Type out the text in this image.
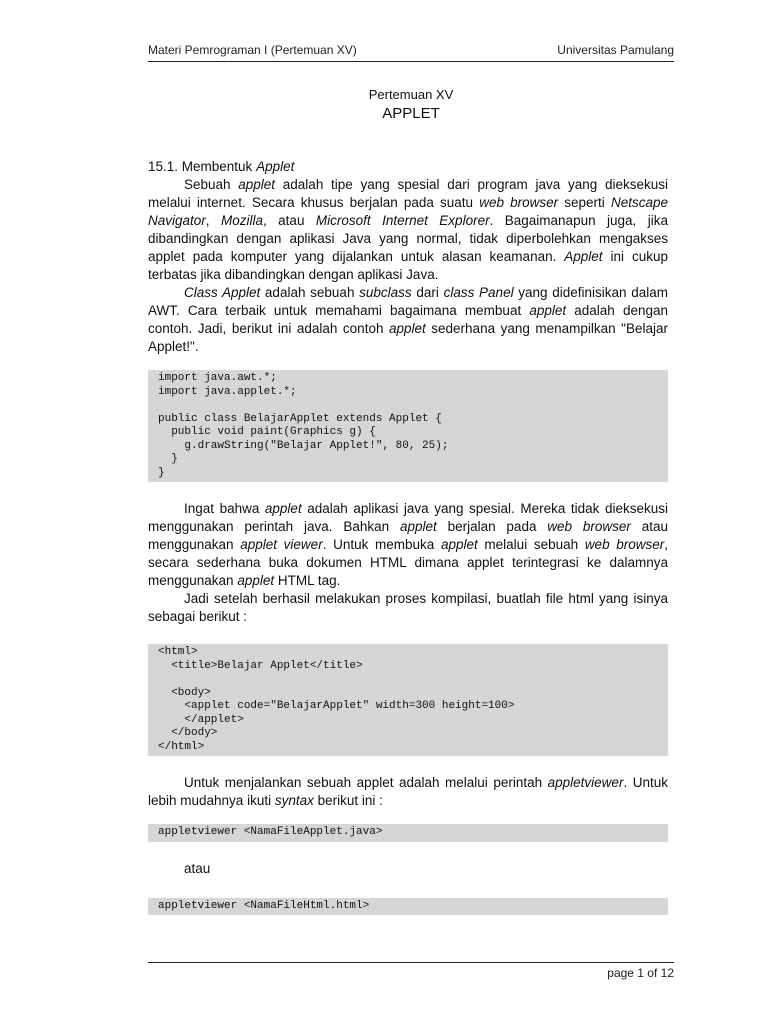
Materi Pemrograman I (Pertemuan XV)	Universitas Pamulang
Pertemuan XV
APPLET

15.1. Membentuk Applet

Sebuah applet adalah tipe yang spesial dari program java yang dieksekusi melalui internet. Secara khusus berjalan pada suatu web browser seperti Netscape Navigator, Mozilla, atau Microsoft Internet Explorer. Bagaimanapun juga, jika dibandingkan dengan aplikasi Java yang normal, tidak diperbolehkan mengakses applet pada komputer yang dijalankan untuk alasan keamanan. Applet ini cukup terbatas jika dibandingkan dengan aplikasi Java.

Class Applet adalah sebuah subclass dari class Panel yang didefinisikan dalam AWT. Cara terbaik untuk memahami bagaimana membuat applet adalah dengan contoh. Jadi, berikut ini adalah contoh applet sederhana yang menampilkan "Belajar Applet!".

import java.awt.*;
import java.applet.*;
public class BelajarApplet extends Applet {
public void paint(Graphics g) {
g.drawString("Belajar Applet!", 80, 25);
}
}

Ingat bahwa applet adalah aplikasi java yang spesial. Mereka tidak dieksekusi menggunakan perintah java. Bahkan applet berjalan pada web browser atau menggunakan applet viewer. Untuk membuka applet melalui sebuah web browser, secara sederhana buka dokumen HTML dimana applet terintegrasi ke dalamnya menggunakan applet HTML tag.

Jadi setelah berhasil melakukan proses kompilasi, buatlah file html yang isinya sebagai berikut :

<html>
<title>Belajar Applet</title>
<body>
<applet code="BelajarApplet" width=300 height=100>
</applet>
</body>
</html>

Untuk menjalankan sebuah applet adalah melalui perintah appletviewer. Untuk lebih mudahnya ikuti syntax berikut ini :

appletviewer <NamaFileApplet.java>

atau

appletviewer <NamaFileHtml.html>
page 1 of 12
